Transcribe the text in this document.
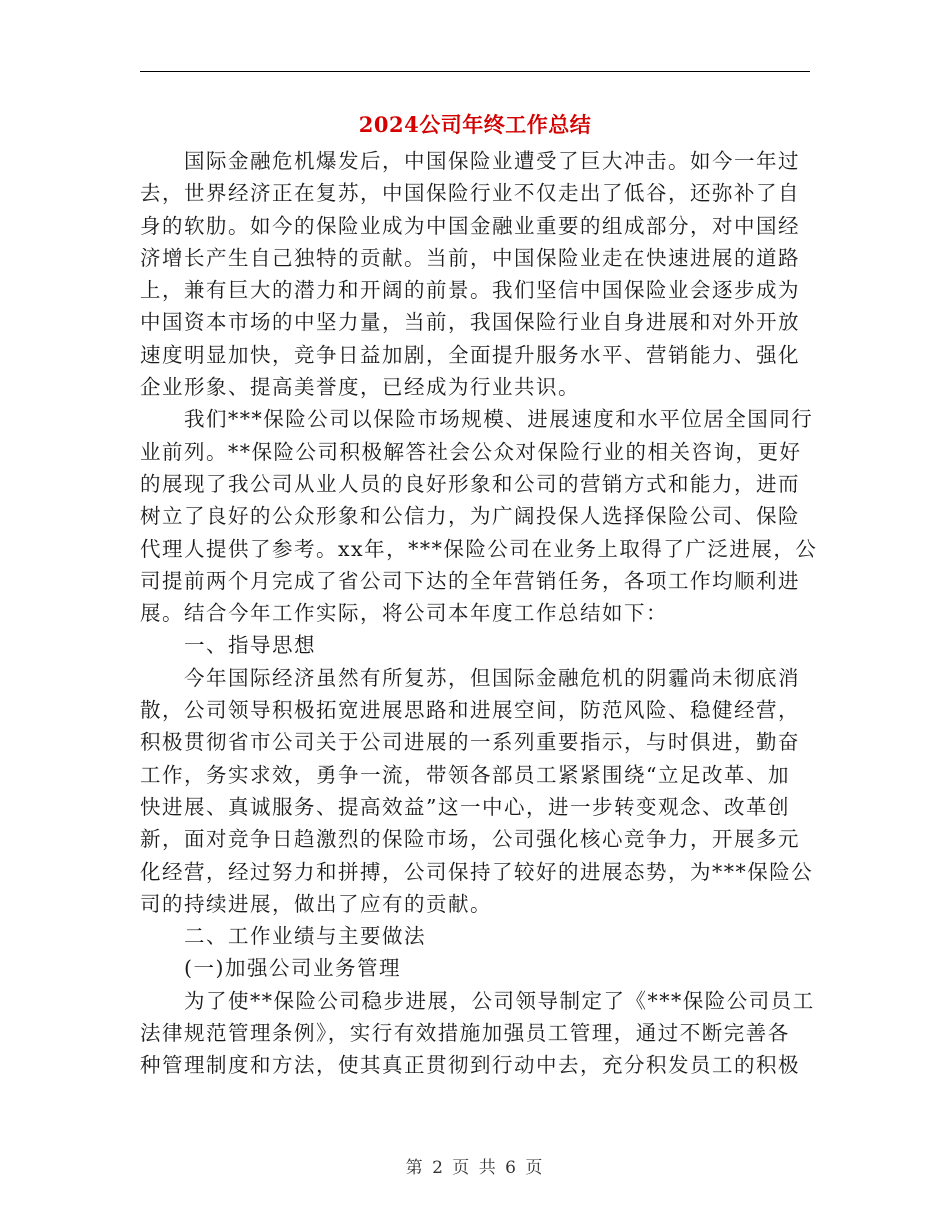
2024公司年终工作总结
国际金融危机爆发后，中国保险业遭受了巨大冲击。如今一年过
去，世界经济正在复苏，中国保险行业不仅走出了低谷，还弥补了自
身的软肋。如今的保险业成为中国金融业重要的组成部分，对中国经
济增长产生自己独特的贡献。当前，中国保险业走在快速进展的道路
上，兼有巨大的潜力和开阔的前景。我们坚信中国保险业会逐步成为
中国资本市场的中坚力量，当前，我国保险行业自身进展和对外开放
速度明显加快，竞争日益加剧，全面提升服务水平、营销能力、强化
企业形象、提高美誉度，已经成为行业共识。
我们***保险公司以保险市场规模、进展速度和水平位居全国同行
业前列。**保险公司积极解答社会公众对保险行业的相关咨询，更好
的展现了我公司从业人员的良好形象和公司的营销方式和能力，进而
树立了良好的公众形象和公信力，为广阔投保人选择保险公司、保险
代理人提供了参考。xx年，***保险公司在业务上取得了广泛进展，公
司提前两个月完成了省公司下达的全年营销任务，各项工作均顺利进
展。结合今年工作实际，将公司本年度工作总结如下：
一、指导思想
今年国际经济虽然有所复苏，但国际金融危机的阴霾尚未彻底消
散，公司领导积极拓宽进展思路和进展空间，防范风险、稳健经营，
积极贯彻省市公司关于公司进展的一系列重要指示，与时俱进，勤奋
工作，务实求效，勇争一流，带领各部员工紧紧围绕“立足改革、加
快进展、真诚服务、提高效益”这一中心，进一步转变观念、改革创
新，面对竞争日趋激烈的保险市场，公司强化核心竞争力，开展多元
化经营，经过努力和拼搏，公司保持了较好的进展态势，为***保险公
司的持续进展，做出了应有的贡献。
二、工作业绩与主要做法
(一)加强公司业务管理
为了使**保险公司稳步进展，公司领导制定了《***保险公司员工
法律规范管理条例》，实行有效措施加强员工管理，通过不断完善各
种管理制度和方法，使其真正贯彻到行动中去，充分积发员工的积极
第 2 页 共 6 页
